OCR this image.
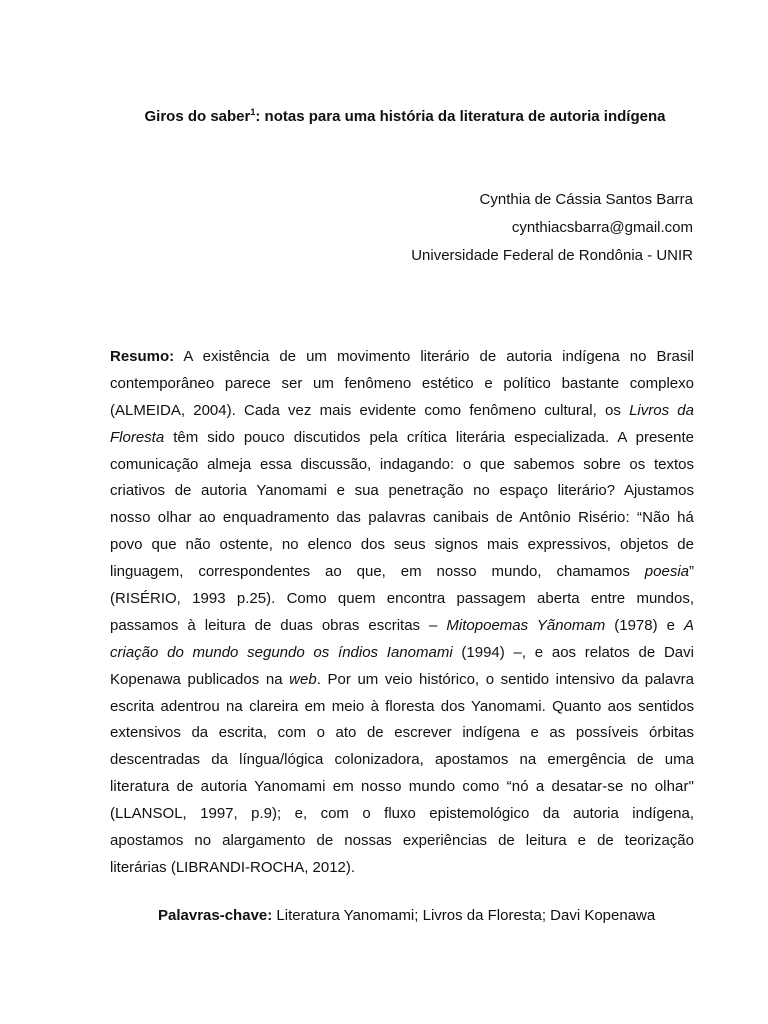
Giros do saber$^1$: notas para uma história da literatura de autoria indígena
Cynthia de Cássia Santos Barra
cynthiacsbarra@gmail.com
Universidade Federal de Rondônia - UNIR
Resumo: A existência de um movimento literário de autoria indígena no Brasil
contemporâneo parece ser um fenômeno estético e político bastante complexo
(ALMEIDA, 2004). Cada vez mais evidente como fenômeno cultural, os Livros da
Floresta têm sido pouco discutidos pela crítica literária especializada. A presente
comunicação almeja essa discussão, indagando: o que sabemos sobre os textos
criativos de autoria Yanomami e sua penetração no espaço literário? Ajustamos
nosso olhar ao enquadramento das palavras canibais de Antônio Risério: “Não há
povo que não ostente, no elenco dos seus signos mais expressivos, objetos de
linguagem, correspondentes ao que, em nosso mundo, chamamos poesia”
(RISÉRIO, 1993 p.25). Como quem encontra passagem aberta entre mundos,
passamos à leitura de duas obras escritas – Mitopoemas Yãnomam (1978) e A
criação do mundo segundo os índios Ianomami (1994) –, e aos relatos de Davi
Kopenawa publicados na web. Por um veio histórico, o sentido intensivo da palavra
escrita adentrou na clareira em meio à floresta dos Yanomami. Quanto aos sentidos
extensivos da escrita, com o ato de escrever indígena e as possíveis órbitas
descentradas da língua/lógica colonizadora, apostamos na emergência de uma
literatura de autoria Yanomami em nosso mundo como “nó a desatar-se no olhar"
(LLANSOL, 1997, p.9); e, com o fluxo epistemológico da autoria indígena,
apostamos no alargamento de nossas experiências de leitura e de teorização
literárias (LIBRANDI-ROCHA, 2012).
Palavras-chave: Literatura Yanomami; Livros da Floresta; Davi Kopenawa
